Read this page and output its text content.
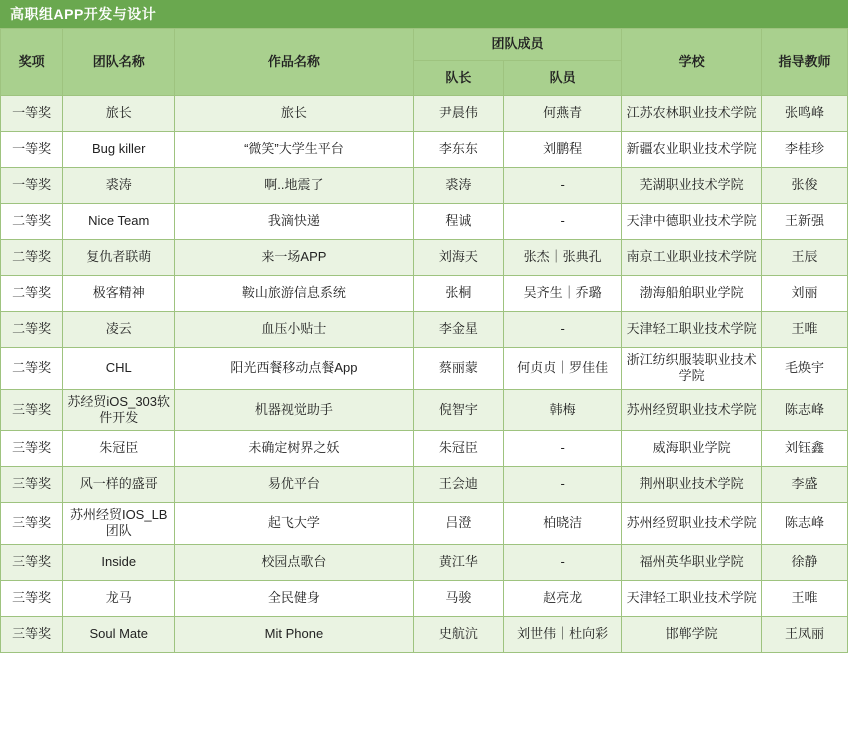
高职组APP开发与设计
奖项	团队名称	作品名称	团队成员		学校	指导教师
			队长	队员		
一等奖	旅长	旅长	尹晨伟	何燕青	江苏农林职业技术学院	张鸣峰
一等奖	Bug killer	“微笑”大学生平台	李东东	刘鹏程	新疆农业职业技术学院	李桂珍
一等奖	裘涛	啊..地震了	裘涛	-	芜湖职业技术学院	张俊
二等奖	Nice Team	我滴快递	程诚	-	天津中德职业技术学院	王新强
二等奖	复仇者联萌	来一场APP	刘海天	张杰｜张典孔	南京工业职业技术学院	王辰
二等奖	极客精神	鞍山旅游信息系统	张桐	吴齐生｜乔璐	渤海船舶职业学院	刘丽
二等奖	凌云	血压小贴士	李金星	-	天津轻工职业技术学院	王唯
二等奖	CHL	阳光西餐移动点餐App	蔡丽蒙	何贞贞｜罗佳佳	浙江纺织服装职业技术学院	毛焕宇
三等奖	苏经贸iOS_303软件开发	机器视觉助手	倪智宇	韩梅	苏州经贸职业技术学院	陈志峰
三等奖	朱冠臣	未确定树界之妖	朱冠臣	-	威海职业学院	刘钰鑫
三等奖	风一样的盛哥	易优平台	王会迪	-	荆州职业技术学院	李盛
三等奖	苏州经贸IOS_LB团队	起飞大学	吕澄	柏晓洁	苏州经贸职业技术学院	陈志峰
三等奖	Inside	校园点歌台	黄江华	-	福州英华职业学院	徐静
三等奖	龙马	全民健身	马骏	赵亮龙	天津轻工职业技术学院	王唯
三等奖	Soul Mate	Mit Phone	史航沆	刘世伟｜杜向彩	邯郸学院	王凤丽
